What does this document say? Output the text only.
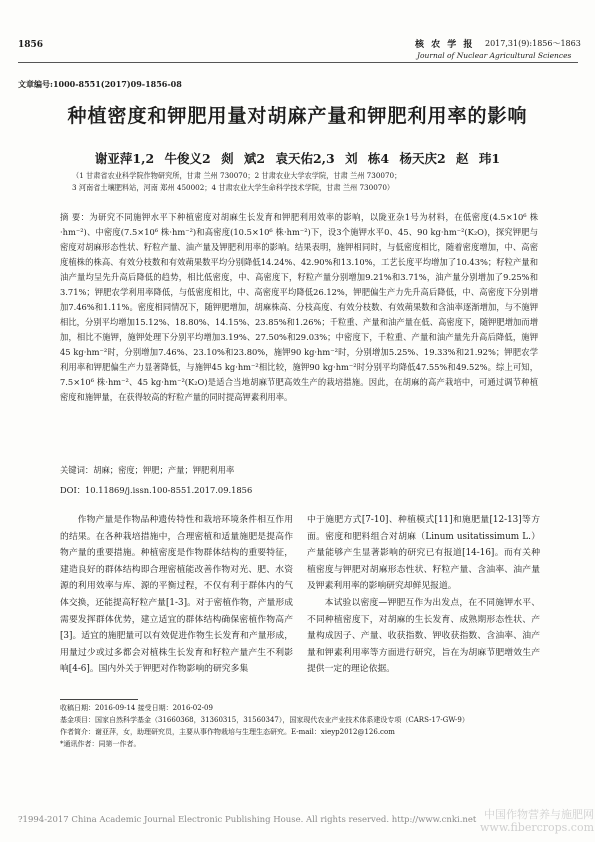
1856	核 农 学 报 2017,31(9):1856～1863
Journal of Nuclear Agricultural Sciences
文章编号:1000-8551(2017)09-1856-08
种植密度和钾肥用量对胡麻产量和钾肥利用率的影响
谢亚萍1,2 牛俊义2 剡 斌2 袁天佑2,3 刘 栋4 杨天庆2 赵 玮1
（1 甘肃省农业科学院作物研究所，甘肃 兰州 730070；2 甘肃农业大学农学院，甘肃 兰州 730070；
3 河南省土壤肥料站，河南 郑州 450002；4 甘肃农业大学生命科学技术学院，甘肃 兰州 730070）
摘 要：为研究不同施钾水平下种植密度对胡麻生长发育和钾肥利用效率的影响，以陇亚杂1号为材料，在低密度(4.5×10⁶ 株·hm⁻²)、中密度(7.5×10⁶ 株·hm⁻²)和高密度(10.5×10⁶ 株·hm⁻²)下，设3个施钾水平0、45、90 kg·hm⁻²(K₂O)，探究钾肥与密度对胡麻形态性状、籽粒产量、油产量及钾肥利用率的影响。结果表明，施钾相同时，与低密度相比，随着密度增加，中、高密度植株的株高、有效分枝数和有效蒴果数平均分别降低14.24%、42.90%和13.10%，工艺长度平均增加了10.43%；籽粒产量和油产量均呈先升高后降低的趋势，相比低密度，中、高密度下，籽粒产量分别增加9.21%和3.71%，油产量分别增加了9.25%和3.71%；钾肥农学利用率降低，与低密度相比，中、高密度平均降低26.12%，钾肥偏生产力先升高后降低，中、高密度下分别增加7.46%和1.11%。密度相同情况下，随钾肥增加，胡麻株高、分枝高度、有效分枝数、有效蒴果数和含油率逐渐增加，与不施钾相比，分别平均增加15.12%、18.80%、14.15%、23.85%和1.26%；千粒重、产量和油产量在低、高密度下，随钾肥增加而增加，相比不施钾，施钾处理下分别平均增加3.19%、27.50%和29.03%；中密度下，千粒重、产量和油产量先升高后降低，施钾45 kg·hm⁻²时，分别增加7.46%、23.10%和23.80%，施钾90 kg·hm⁻²时，分别增加5.25%、19.33%和21.92%；钾肥农学利用率和钾肥偏生产力显著降低，与施钾45 kg·hm⁻²相比较，施钾90 kg·hm⁻²时分别平均降低47.55%和49.52%。综上可知，7.5×10⁶ 株·hm⁻²、45 kg·hm⁻²(K₂O)是适合当地胡麻节肥高效生产的栽培措施。因此，在胡麻的高产栽培中，可通过调节种植密度和施钾量，在获得较高的籽粒产量的同时提高钾素利用率。
关键词：胡麻；密度；钾肥；产量；钾肥利用率
DOI：10.11869/j.issn.100-8551.2017.09.1856

作物产量是作物品种遗传特性和栽培环境条件相互作用的结果。在各种栽培措施中，合理密植和适量施肥是提高作物产量的重要措施。种植密度是作物群体结构的重要特征，建造良好的群体结构即合理密植能改善作物对光、肥、水资源的利用效率与库、源的平衡过程，不仅有利于群体内的气体交换，还能提高籽粒产量[1-3]。对于密植作物，产量形成需要发挥群体优势，建立适宜的群体结构确保密植作物高产[3]。适宜的施肥量可以有效促进作物生长发育和产量形成，用量过少或过多都会对植株生长发育和籽粒产量产生不利影响[4-6]。国内外关于钾肥对作物影响的研究多集

中于施肥方式[7-10]、种植模式[11]和施肥量[12-13]等方面。密度和肥料组合对胡麻（Linum usitatissimum L.）产量能够产生显著影响的研究已有报道[14-16]。而有关种植密度与钾肥对胡麻形态性状、籽粒产量、含油率、油产量及钾素利用率的影响研究却鲜见报道。

本试验以密度—钾肥互作为出发点，在不同施钾水平、不同种植密度下，对胡麻的生长发育、成熟期形态性状、产量构成因子、产量、收获指数、钾收获指数、含油率、油产量和钾素利用率等方面进行研究，旨在为胡麻节肥增效生产提供一定的理论依据。

收稿日期：2016-09-14 接受日期：2016-02-09
基金项目：国家自然科学基金（31660368，31360315，31560347），国家现代农业产业技术体系建设专项（CARS-17-GW-9）
作者简介：谢亚萍，女，助理研究员，主要从事作物栽培与生理生态研究。E-mail：xieyp2012@126.com
*通讯作者：同第一作者。
?1994-2017 China Academic Journal Electronic Publishing House. All rights reserved. http://www.cnki.net 中国作物营养与施肥网
www.fibercrops.com
